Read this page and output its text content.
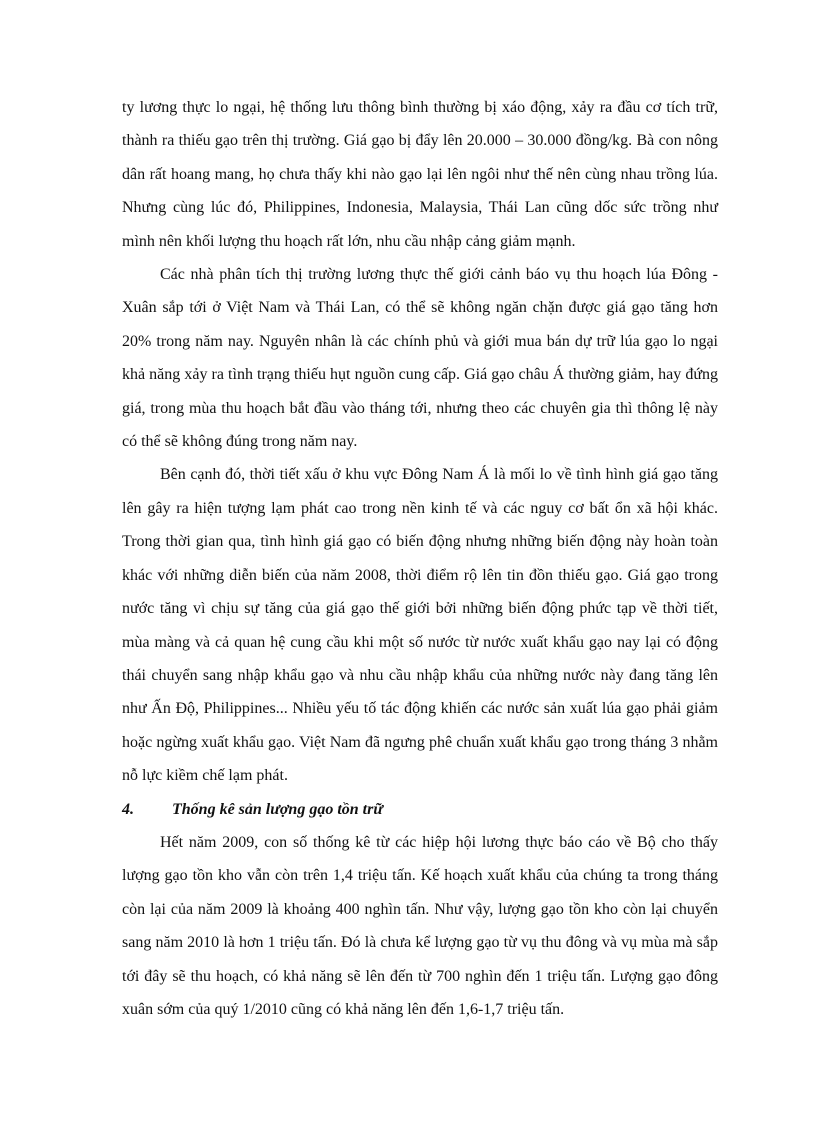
ty lương thực lo ngại, hệ thống lưu thông bình thường bị xáo động, xảy ra đầu cơ tích trữ, thành ra thiếu gạo trên thị trường. Giá gạo bị đẩy lên 20.000 – 30.000 đồng/kg. Bà con nông dân rất hoang mang, họ chưa thấy khi nào gạo lại lên ngôi như thế nên cùng nhau trồng lúa. Nhưng cùng lúc đó, Philippines, Indonesia, Malaysia, Thái Lan cũng dốc sức trồng như mình nên khối lượng thu hoạch rất lớn, nhu cầu nhập cảng giảm mạnh.

Các nhà phân tích thị trường lương thực thế giới cảnh báo vụ thu hoạch lúa Đông - Xuân sắp tới ở Việt Nam và Thái Lan, có thể sẽ không ngăn chặn được giá gạo tăng hơn 20% trong năm nay. Nguyên nhân là các chính phủ và giới mua bán dự trữ lúa gạo lo ngại khả năng xảy ra tình trạng thiếu hụt nguồn cung cấp. Giá gạo châu Á thường giảm, hay đứng giá, trong mùa thu hoạch bắt đầu vào tháng tới, nhưng theo các chuyên gia thì thông lệ này có thể sẽ không đúng trong năm nay.

Bên cạnh đó, thời tiết xấu ở khu vực Đông Nam Á là mối lo về tình hình giá gạo tăng lên gây ra hiện tượng lạm phát cao trong nền kinh tế và các nguy cơ bất ổn xã hội khác. Trong thời gian qua, tình hình giá gạo có biến động nhưng những biến động này hoàn toàn khác với những diễn biến của năm 2008, thời điểm rộ lên tin đồn thiếu gạo. Giá gạo trong nước tăng vì chịu sự tăng của giá gạo thế giới bởi những biến động phức tạp về thời tiết, mùa màng và cả quan hệ cung cầu khi một số nước từ nước xuất khẩu gạo nay lại có động thái chuyển sang nhập khẩu gạo và nhu cầu nhập khẩu của những nước này đang tăng lên như Ấn Độ, Philippines... Nhiều yếu tố tác động khiến các nước sản xuất lúa gạo phải giảm hoặc ngừng xuất khẩu gạo. Việt Nam đã ngưng phê chuẩn xuất khẩu gạo trong tháng 3 nhằm nỗ lực kiềm chế lạm phát.

4.	Thống kê sản lượng gạo tồn trữ

Hết năm 2009, con số thống kê từ các hiệp hội lương thực báo cáo về Bộ cho thấy lượng gạo tồn kho vẫn còn trên 1,4 triệu tấn. Kế hoạch xuất khẩu của chúng ta trong tháng còn lại của năm 2009 là khoảng 400 nghìn tấn. Như vậy, lượng gạo tồn kho còn lại chuyển sang năm 2010 là hơn 1 triệu tấn. Đó là chưa kể lượng gạo từ vụ thu đông và vụ mùa mà sắp tới đây sẽ thu hoạch, có khả năng sẽ lên đến từ 700 nghìn đến 1 triệu tấn. Lượng gạo đông xuân sớm của quý 1/2010 cũng có khả năng lên đến 1,6-1,7 triệu tấn.
